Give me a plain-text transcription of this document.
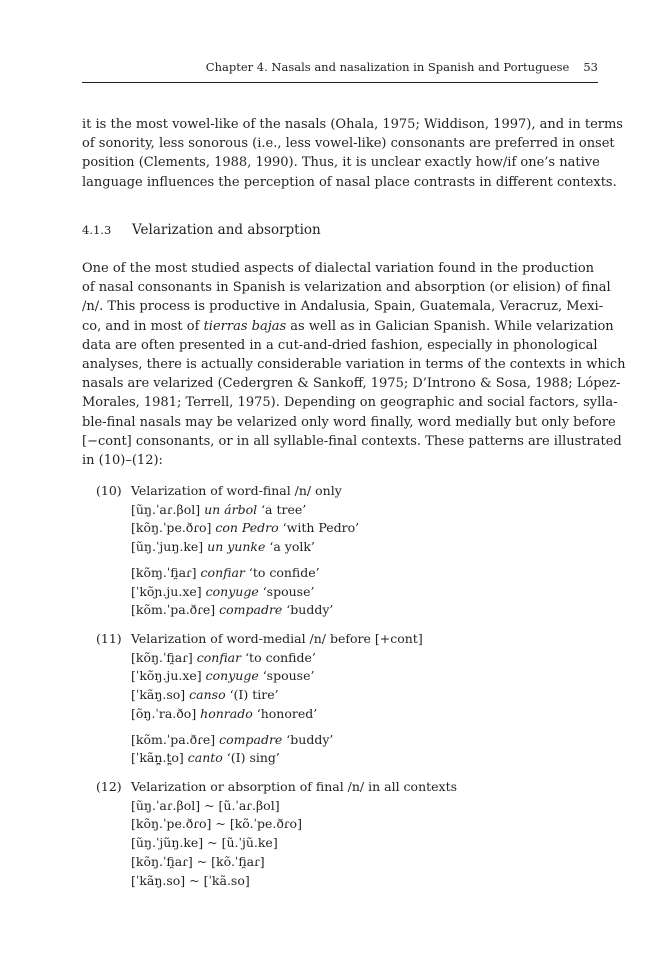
Chapter 4. Nasals and nasalization in Spanish and Portuguese 53
it is the most vowel-like of the nasals (Ohala, 1975; Widdison, 1997), and in terms
of sonority, less sonorous (i.e., less vowel-like) consonants are preferred in onset
position (Clements, 1988, 1990). Thus, it is unclear exactly how/if one’s native
language influences the perception of nasal place contrasts in different contexts.
4.1.3 Velarization and absorption
One of the most studied aspects of dialectal variation found in the production
of nasal consonants in Spanish is velarization and absorption (or elision) of final
/n/. This process is productive in Andalusia, Spain, Guatemala, Veracruz, Mexi-
co, and in most of tierras bajas as well as in Galician Spanish. While velarization
data are often presented in a cut-and-dried fashion, especially in phonological
analyses, there is actually considerable variation in terms of the contexts in which
nasals are velarized (Cedergren & Sankoff, 1975; D’Introno & Sosa, 1988; López-
Morales, 1981; Terrell, 1975). Depending on geographic and social factors, sylla-
ble-final nasals may be velarized only word finally, word medially but only before
[−cont] consonants, or in all syllable-final contexts. These patterns are illustrated
in (10)–(12):
(10) Velarization of word-final /n/ only
[ũŋ.ˈaɾ.βol] un árbol ‘a tree’
[kõŋ.ˈpe.ðɾo] con Pedro ‘with Pedro’
[ũŋ.ˈjuŋ.ke] un yunke ‘a yolk’
[kõɱ.ˈfi̯aɾ] confiar ‘to confide’
[ˈkõɲ.ju.xe] conyuge ‘spouse’
[kõm.ˈpa.ðɾe] compadre ‘buddy’
(11) Velarization of word-medial /n/ before [+cont]
[kõŋ.ˈfi̯aɾ] confiar ‘to confide’
[ˈkõŋ.ju.xe] conyuge ‘spouse’
[ˈkãŋ.so] canso ‘(I) tire’
[õŋ.ˈra.ðo] honrado ‘honored’
[kõm.ˈpa.ðɾe] compadre ‘buddy’
[ˈkãn̪.t̪o] canto ‘(I) sing’
(12) Velarization or absorption of final /n/ in all contexts
[ũŋ.ˈaɾ.βol] ~ [ũ.ˈaɾ.βol]
[kõŋ.ˈpe.ðɾo] ~ [kõ.ˈpe.ðɾo]
[ũŋ.ˈjũŋ.ke] ~ [ũ.ˈjũ.ke]
[kõŋ.ˈfi̯aɾ] ~ [kõ.ˈfi̯aɾ]
[ˈkãŋ.so] ~ [ˈkã.so]
